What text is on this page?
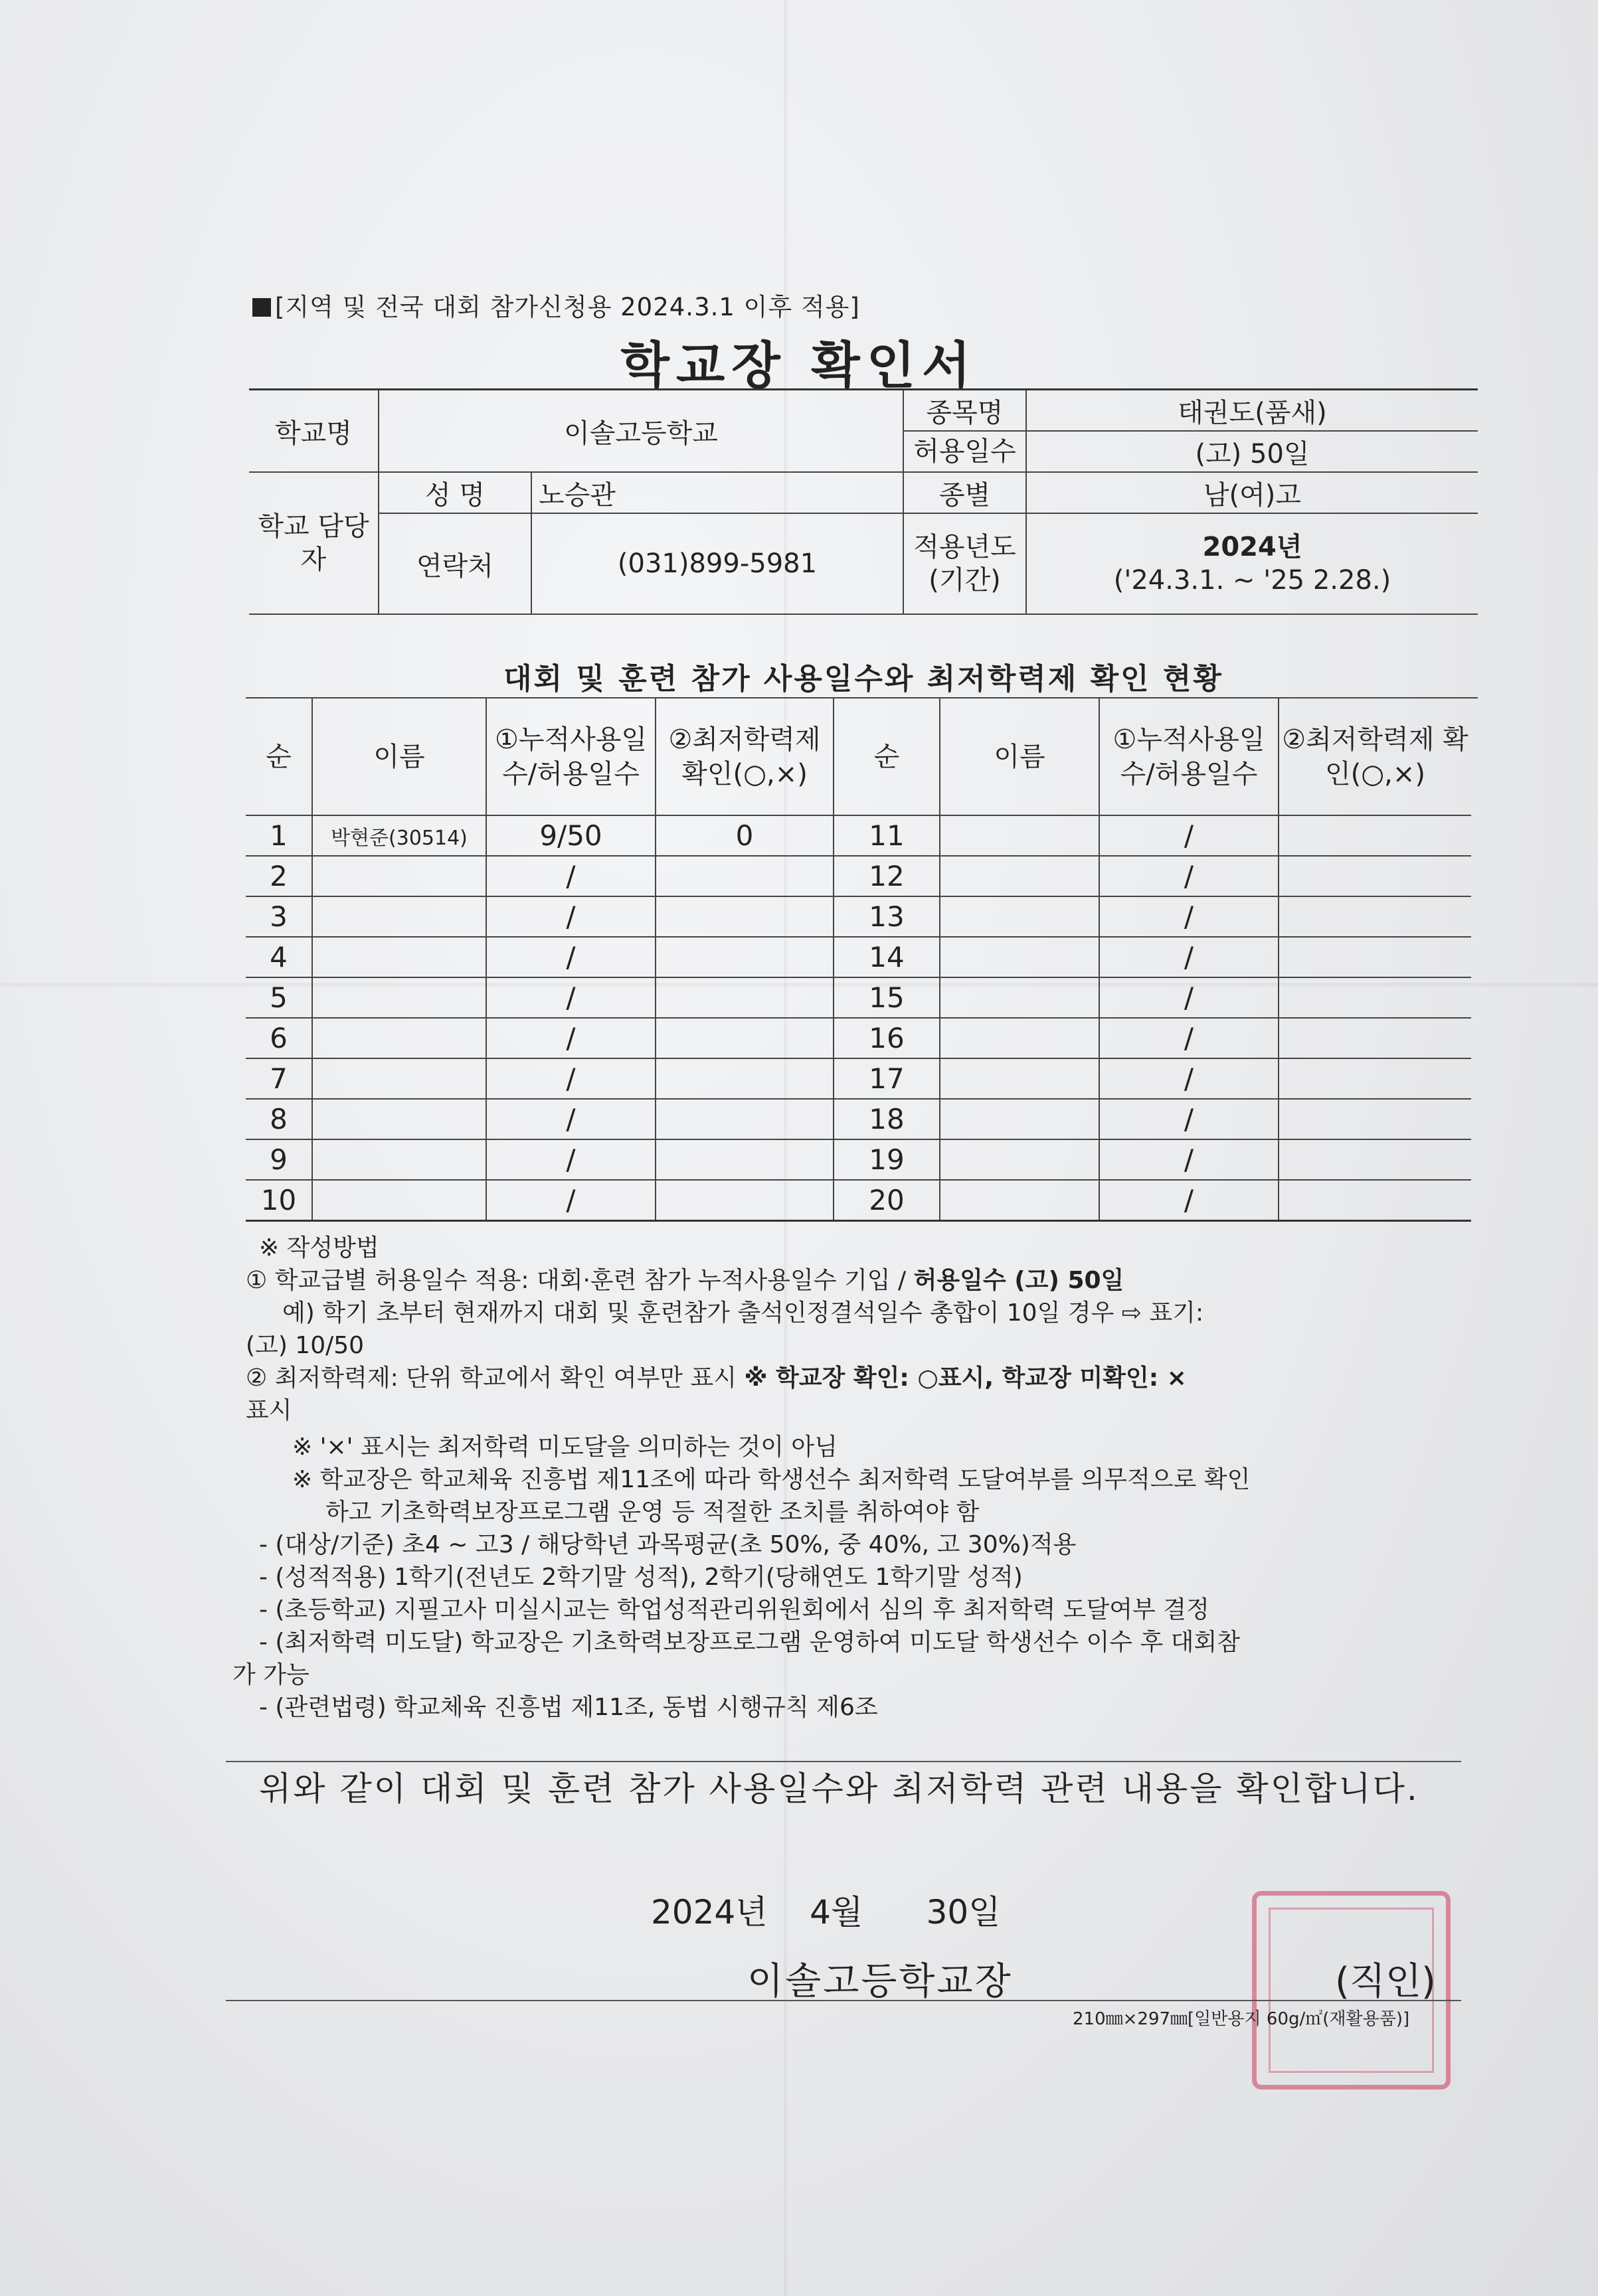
[지역 및 전국 대회 참가신청용 2024.3.1 이후 적용]
학교장 확인서
학교명	이솔고등학교		종목명	태권도(품새)
			허용일수	(고) 50일

학교 담당자	성 명	노승관	종별	남(여)고
	연락처	(031)899-5981	적용년도 (기간)	2024년
('24.3.1. ~ '25 2.28.)

대회 및 훈련 참가 사용일수와 최저학력제 확인 현황
순	이름	①누적사용일수/허용일수	②최저학력제 확인(○,×)	순	이름	①누적사용일수/허용일수	②최저학력제 확인(○,×)
1	박현준(30514)	9/50	0	11		/	
2		/		12		/	
3		/		13		/	
4		/		14		/	
5		/		15		/	
6		/		16		/	
7		/		17		/	
8		/		18		/	
9		/		19		/	
10		/		20		/	
※ 작성방법
① 학교급별 허용일수 적용: 대회·훈련 참가 누적사용일수 기입 / 허용일수 (고) 50일
예) 학기 초부터 현재까지 대회 및 훈련참가 출석인정결석일수 총합이 10일 경우 ⇨ 표기:
(고) 10/50
② 최저학력제: 단위 학교에서 확인 여부만 표시 ※ 학교장 확인: ○표시, 학교장 미확인: ×
표시
※ '×' 표시는 최저학력 미도달을 의미하는 것이 아님
※ 학교장은 학교체육 진흥법 제11조에 따라 학생선수 최저학력 도달여부를 의무적으로 확인
하고 기초학력보장프로그램 운영 등 적절한 조치를 취하여야 함
- (대상/기준) 초4 ~ 고3 / 해당학년 과목평균(초 50%, 중 40%, 고 30%)적용
- (성적적용) 1학기(전년도 2학기말 성적), 2학기(당해연도 1학기말 성적)
- (초등학교) 지필고사 미실시교는 학업성적관리위원회에서 심의 후 최저학력 도달여부 결정
- (최저학력 미도달) 학교장은 기초학력보장프로그램 운영하여 미도달 학생선수 이수 후 대회참
가 가능
- (관련법령) 학교체육 진흥법 제11조, 동법 시행규칙 제6조
위와 같이 대회 및 훈련 참가 사용일수와 최저학력 관련 내용을 확인합니다.
2024년 4월 30일
이솔고등학교장	(직인)
210㎜×297㎜[일반용지 60g/㎡(재활용품)]
